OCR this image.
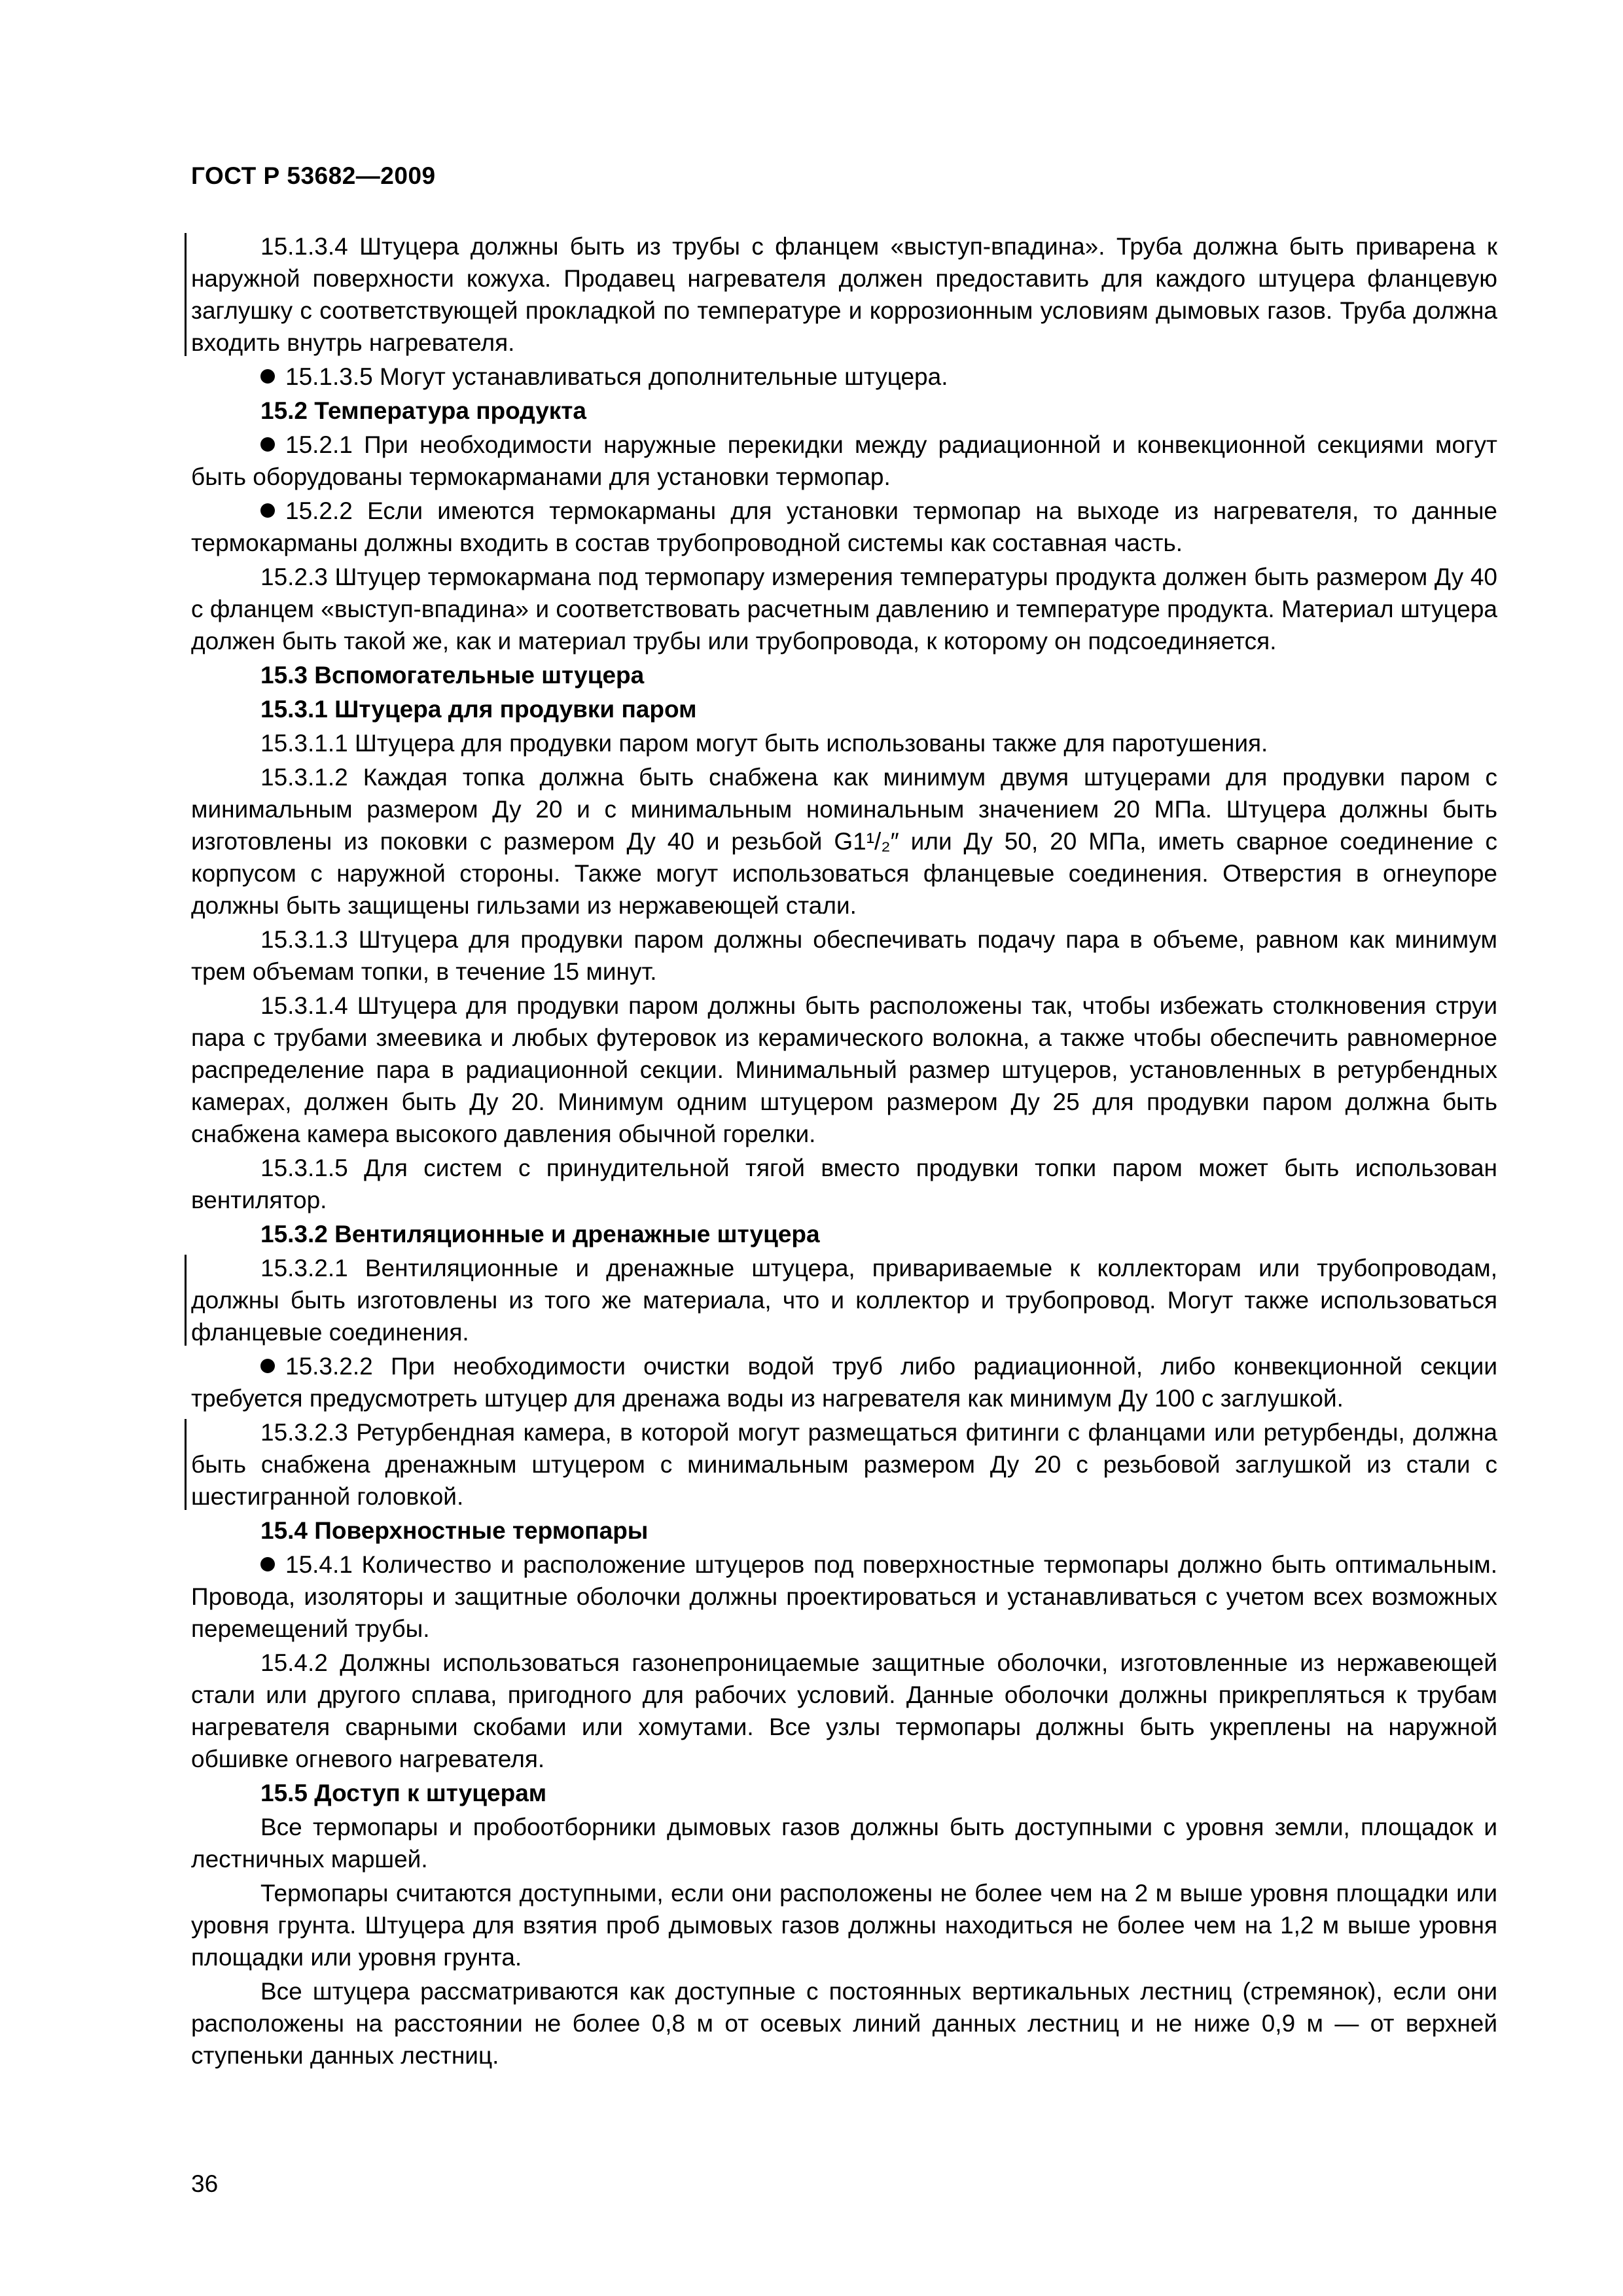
ГОСТ Р 53682—2009
15.1.3.4 Штуцера должны быть из трубы с фланцем «выступ-впадина». Труба должна быть приварена к наружной поверхности кожуха. Продавец нагревателя должен предоставить для каждого штуцера фланцевую заглушку с соответствующей прокладкой по температуре и коррозионным условиям дымовых газов. Труба должна входить внутрь нагревателя.
15.1.3.5 Могут устанавливаться дополнительные штуцера.
15.2 Температура продукта
15.2.1 При необходимости наружные перекидки между радиационной и конвекционной секциями могут быть оборудованы термокарманами для установки термопар.
15.2.2 Если имеются термокарманы для установки термопар на выходе из нагревателя, то данные термокарманы должны входить в состав трубопроводной системы как составная часть.
15.2.3 Штуцер термокармана под термопару измерения температуры продукта должен быть размером Ду 40 с фланцем «выступ-впадина» и соответствовать расчетным давлению и температуре продукта. Материал штуцера должен быть такой же, как и материал трубы или трубопровода, к которому он подсоединяется.
15.3 Вспомогательные штуцера
15.3.1 Штуцера для продувки паром
15.3.1.1 Штуцера для продувки паром могут быть использованы также для паротушения.
15.3.1.2 Каждая топка должна быть снабжена как минимум двумя штуцерами для продувки паром с минимальным размером Ду 20 и с минимальным номинальным значением 20 МПа. Штуцера должны быть изготовлены из поковки с размером Ду 40 и резьбой G1¹/₂″ или Ду 50, 20 МПа, иметь сварное соединение с корпусом с наружной стороны. Также могут использоваться фланцевые соединения. Отверстия в огнеупоре должны быть защищены гильзами из нержавеющей стали.
15.3.1.3 Штуцера для продувки паром должны обеспечивать подачу пара в объеме, равном как минимум трем объемам топки, в течение 15 минут.
15.3.1.4 Штуцера для продувки паром должны быть расположены так, чтобы избежать столкновения струи пара с трубами змеевика и любых футеровок из керамического волокна, а также чтобы обеспечить равномерное распределение пара в радиационной секции. Минимальный размер штуцеров, установленных в ретурбендных камерах, должен быть Ду 20. Минимум одним штуцером размером Ду 25 для продувки паром должна быть снабжена камера высокого давления обычной горелки.
15.3.1.5 Для систем с принудительной тягой вместо продувки топки паром может быть использован вентилятор.
15.3.2 Вентиляционные и дренажные штуцера
15.3.2.1 Вентиляционные и дренажные штуцера, привариваемые к коллекторам или трубопроводам, должны быть изготовлены из того же материала, что и коллектор и трубопровод. Могут также использоваться фланцевые соединения.
15.3.2.2 При необходимости очистки водой труб либо радиационной, либо конвекционной секции требуется предусмотреть штуцер для дренажа воды из нагревателя как минимум Ду 100 с заглушкой.
15.3.2.3 Ретурбендная камера, в которой могут размещаться фитинги с фланцами или ретурбенды, должна быть снабжена дренажным штуцером с минимальным размером Ду 20 с резьбовой заглушкой из стали с шестигранной головкой.
15.4 Поверхностные термопары
15.4.1 Количество и расположение штуцеров под поверхностные термопары должно быть оптимальным. Провода, изоляторы и защитные оболочки должны проектироваться и устанавливаться с учетом всех возможных перемещений трубы.
15.4.2 Должны использоваться газонепроницаемые защитные оболочки, изготовленные из нержавеющей стали или другого сплава, пригодного для рабочих условий. Данные оболочки должны прикрепляться к трубам нагревателя сварными скобами или хомутами. Все узлы термопары должны быть укреплены на наружной обшивке огневого нагревателя.
15.5 Доступ к штуцерам
Все термопары и пробоотборники дымовых газов должны быть доступными с уровня земли, площадок и лестничных маршей.
Термопары считаются доступными, если они расположены не более чем на 2 м выше уровня площадки или уровня грунта. Штуцера для взятия проб дымовых газов должны находиться не более чем на 1,2 м выше уровня площадки или уровня грунта.
Все штуцера рассматриваются как доступные с постоянных вертикальных лестниц (стремянок), если они расположены на расстоянии не более 0,8 м от осевых линий данных лестниц и не ниже 0,9 м — от верхней ступеньки данных лестниц.
36
